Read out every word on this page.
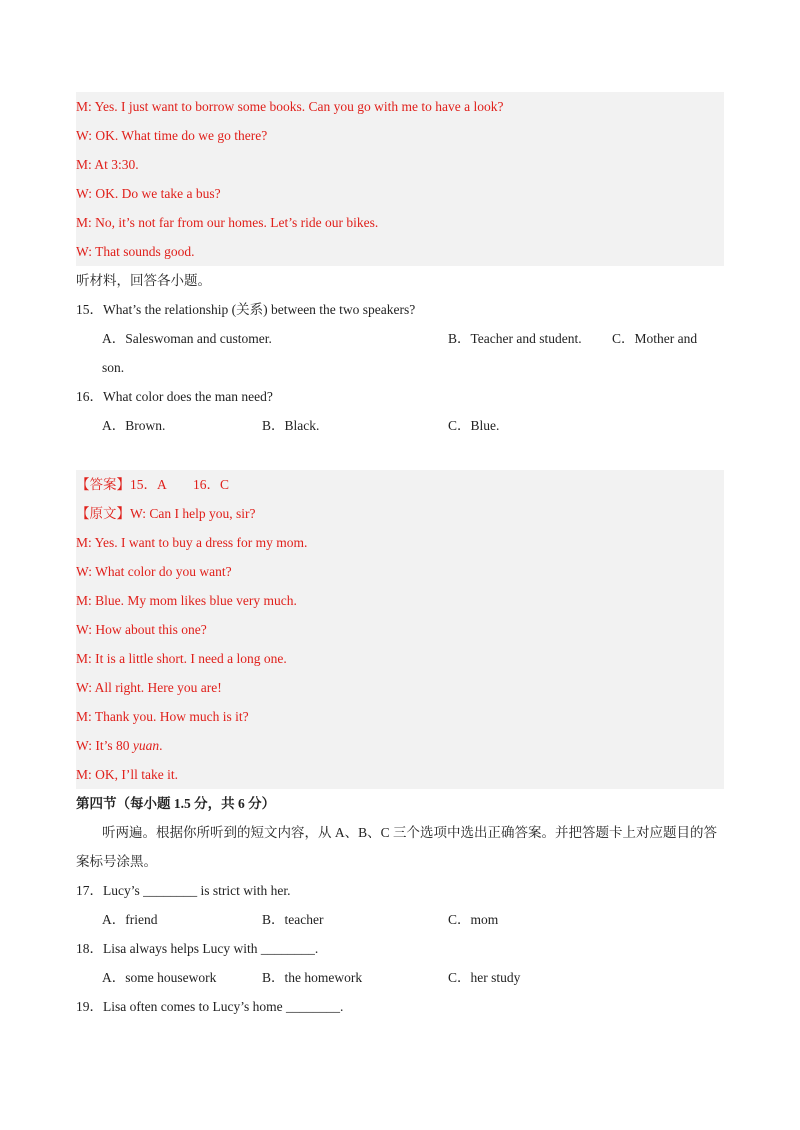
M: Yes. I just want to borrow some books. Can you go with me to have a look?
W: OK. What time do we go there?
M: At 3:30.
W: OK. Do we take a bus?
M: No, it’s not far from our homes. Let’s ride our bikes.
W: That sounds good.
听材料，回答各小题。
15．What’s the relationship (关系) between the two speakers?
A．Saleswoman and customer.	B．Teacher and student. C．Mother and
son.
16．What color does the man need?
A．Brown.	B．Black.	C．Blue.
【答案】15．A　　16．C
【原文】W: Can I help you, sir?
M: Yes. I want to buy a dress for my mom.
W: What color do you want?
M: Blue. My mom likes blue very much.
W: How about this one?
M: It is a little short. I need a long one.
W: All right. Here you are!
M: Thank you. How much is it?
W: It’s 80 yuan.
M: OK, I’ll take it.
第四节（每小题 1.5 分，共 6 分）
听两遍。根据你所听到的短文内容，从 A、B、C 三个选项中选出正确答案。并把答题卡上对应题目的答案标号涂黑。
17．Lucy’s ________ is strict with her.
A．friend	B．teacher	C．mom
18．Lisa always helps Lucy with ________.
A．some housework	B．the homework	C．her study
19．Lisa often comes to Lucy’s home ________.
